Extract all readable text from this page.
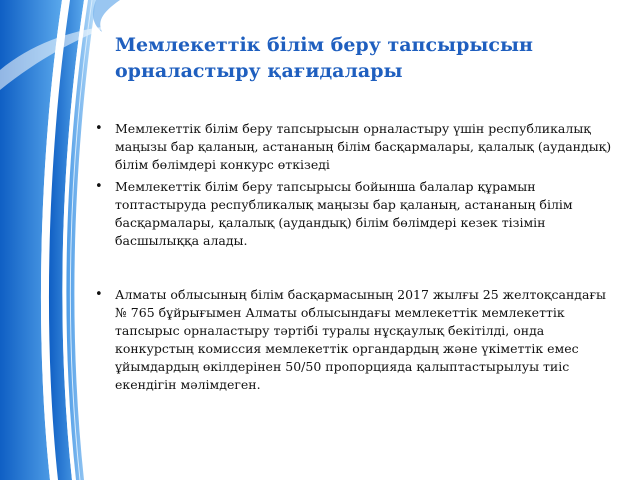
Мемлекеттік білім беру тапсырысын орналастыру қағидалары
• Мемлекеттік білім беру тапсырысын орналастыру үшін республикалық маңызы бар қаланың, астананың білім басқармалары, қалалық (аудандық) білім бөлімдері конкурс өткізеді
• Мемлекеттік білім беру тапсырысы бойынша балалар құрамын топтастыруда республикалық маңызы бар қаланың, астананың білім басқармалары, қалалық (аудандық) білім бөлімдері кезек тізімін басшылыққа алады.
• Алматы облысының білім басқармасының 2017 жылғы 25 желтоқсандағы № 765 бұйрығымен Алматы облысындағы мемлекеттік мемлекеттік тапсырыс орналастыру тәртібі туралы нұсқаулық бекітілді, онда конкурстың комиссия мемлекеттік органдардың және үкіметтік емес ұйымдардың өкілдерінен 50/50 пропорцияда қалыптастырылуы тиіс екендігін мәлімдеген.
